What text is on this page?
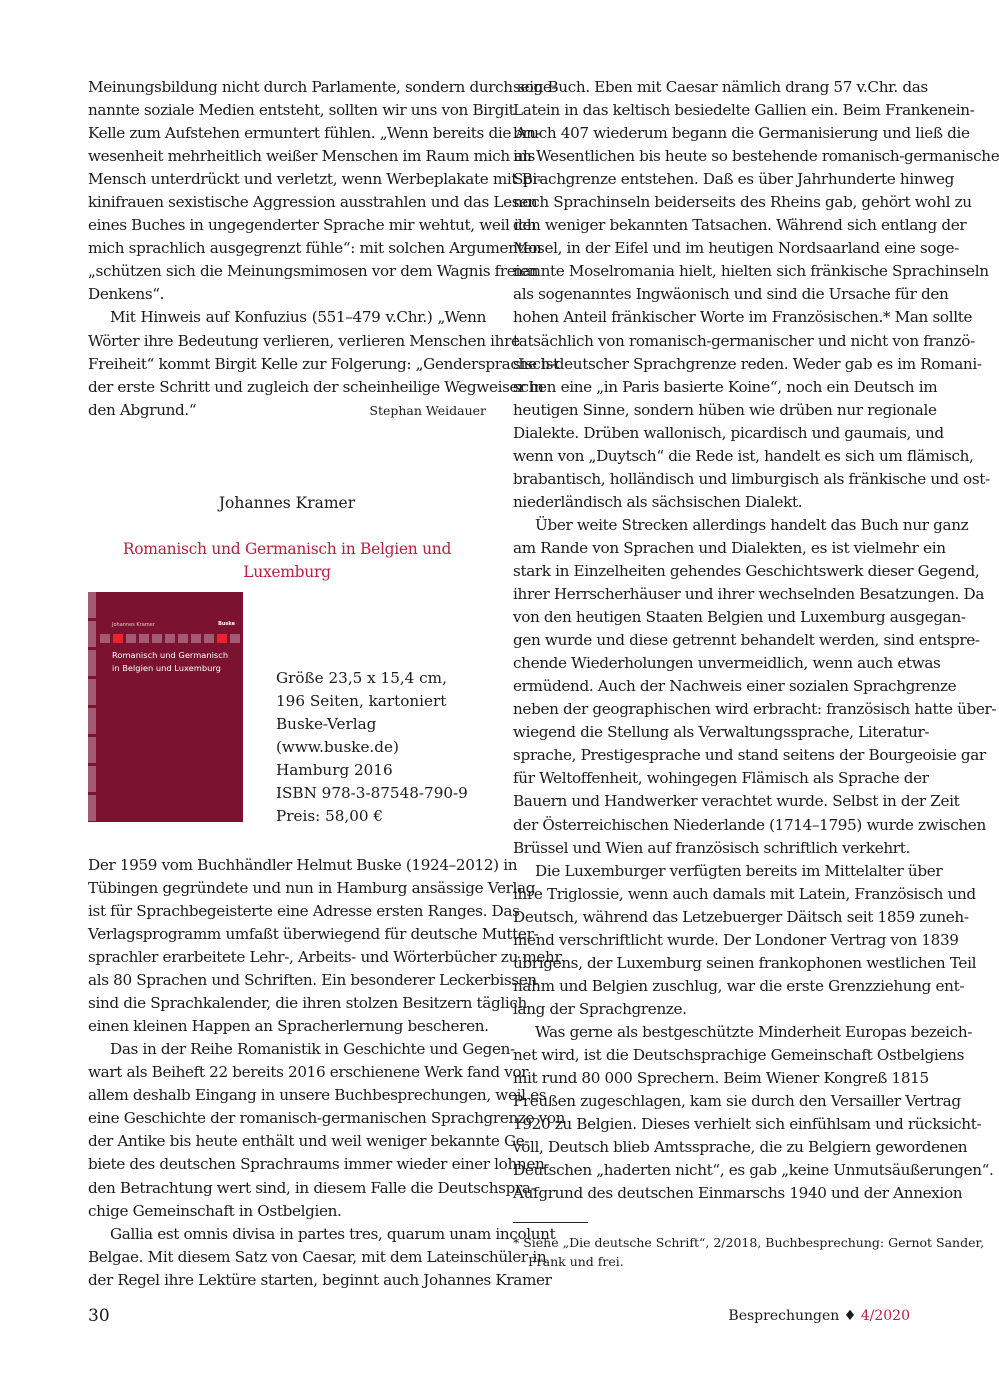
Meinungsbildung nicht durch Parlamente, sondern durch soge-
nannte soziale Medien entsteht, sollten wir uns von Birgit
Kelle zum Aufstehen ermuntert fühlen. „Wenn bereits die An-
wesenheit mehrheitlich weißer Menschen im Raum mich als
Mensch unterdrückt und verletzt, wenn Werbeplakate mit Bi-
kinifrauen sexistische Aggression ausstrahlen und das Lesen
eines Buches in ungegenderter Sprache mir wehtut, weil ich
mich sprachlich ausgegrenzt fühle“: mit solchen Argumenten
„schützen sich die Meinungsmimosen vor dem Wagnis freien
Denkens“.
Mit Hinweis auf Konfuzius (551–479 v.Chr.) „Wenn
Wörter ihre Bedeutung verlieren, verlieren Menschen ihre
Freiheit“ kommt Birgit Kelle zur Folgerung: „Gendersprache ist
der erste Schritt und zugleich der scheinheilige Wegweiser in
den Abgrund.“	Stephan Weidauer
Johannes Kramer
Romanisch und Germanisch in Belgien und Luxemburg
Johannes Kramer	Buske
Romanisch und Germanisch
in Belgien und Luxemburg
Größe 23,5 x 15,4 cm,
196 Seiten, kartoniert
Buske-Verlag
(www.buske.de)
Hamburg 2016
ISBN 978-3-87548-790-9
Preis: 58,00 €
Der 1959 vom Buchhändler Helmut Buske (1924–2012) in
Tübingen gegründete und nun in Hamburg ansässige Verlag
ist für Sprachbegeisterte eine Adresse ersten Ranges. Das
Verlagsprogramm umfaßt überwiegend für deutsche Mutter-
sprachler erarbeitete Lehr-, Arbeits- und Wörterbücher zu mehr
als 80 Sprachen und Schriften. Ein besonderer Leckerbissen
sind die Sprachkalender, die ihren stolzen Besitzern täglich
einen kleinen Happen an Spracherlernung bescheren.
Das in der Reihe Romanistik in Geschichte und Gegen-
wart als Beiheft 22 bereits 2016 erschienene Werk fand vor
allem deshalb Eingang in unsere Buchbesprechungen, weil es
eine Geschichte der romanisch-germanischen Sprachgrenze von
der Antike bis heute enthält und weil weniger bekannte Ge-
biete des deutschen Sprachraums immer wieder einer lohnen-
den Betrachtung wert sind, in diesem Falle die Deutschspra-
chige Gemeinschaft in Ostbelgien.
Gallia est omnis divisa in partes tres, quarum unam incolunt
Belgae. Mit diesem Satz von Caesar, mit dem Lateinschüler in
der Regel ihre Lektüre starten, beginnt auch Johannes Kramer
sein Buch. Eben mit Caesar nämlich drang 57 v.Chr. das
Latein in das keltisch besiedelte Gallien ein. Beim Frankenein-
bruch 407 wiederum begann die Germanisierung und ließ die
im Wesentlichen bis heute so bestehende romanisch-germanische
Sprachgrenze entstehen. Daß es über Jahrhunderte hinweg
noch Sprachinseln beiderseits des Rheins gab, gehört wohl zu
den weniger bekannten Tatsachen. Während sich entlang der
Mosel, in der Eifel und im heutigen Nordsaarland eine soge-
nannte Moselromania hielt, hielten sich fränkische Sprachinseln
als sogenanntes Ingwäonisch und sind die Ursache für den
hohen Anteil fränkischer Worte im Französischen.* Man sollte
tatsächlich von romanisch-germanischer und nicht von franzö-
sisch-deutscher Sprachgrenze reden. Weder gab es im Romani-
schen eine „in Paris basierte Koine“, noch ein Deutsch im
heutigen Sinne, sondern hüben wie drüben nur regionale
Dialekte. Drüben wallonisch, picardisch und gaumais, und
wenn von „Duytsch“ die Rede ist, handelt es sich um flämisch,
brabantisch, holländisch und limburgisch als fränkische und ost-
niederländisch als sächsischen Dialekt.
Über weite Strecken allerdings handelt das Buch nur ganz
am Rande von Sprachen und Dialekten, es ist vielmehr ein
stark in Einzelheiten gehendes Geschichtswerk dieser Gegend,
ihrer Herrscherhäuser und ihrer wechselnden Besatzungen. Da
von den heutigen Staaten Belgien und Luxemburg ausgegan-
gen wurde und diese getrennt behandelt werden, sind entspre-
chende Wiederholungen unvermeidlich, wenn auch etwas
ermüdend. Auch der Nachweis einer sozialen Sprachgrenze
neben der geographischen wird erbracht: französisch hatte über-
wiegend die Stellung als Verwaltungssprache, Literatur-
sprache, Prestigesprache und stand seitens der Bourgeoisie gar
für Weltoffenheit, wohingegen Flämisch als Sprache der
Bauern und Handwerker verachtet wurde. Selbst in der Zeit
der Österreichischen Niederlande (1714–1795) wurde zwischen
Brüssel und Wien auf französisch schriftlich verkehrt.
Die Luxemburger verfügten bereits im Mittelalter über
ihre Triglossie, wenn auch damals mit Latein, Französisch und
Deutsch, während das Letzebuerger Däitsch seit 1859 zuneh-
mend verschriftlicht wurde. Der Londoner Vertrag von 1839
übrigens, der Luxemburg seinen frankophonen westlichen Teil
nahm und Belgien zuschlug, war die erste Grenzziehung ent-
lang der Sprachgrenze.
Was gerne als bestgeschützte Minderheit Europas bezeich-
net wird, ist die Deutschsprachige Gemeinschaft Ostbelgiens
mit rund 80 000 Sprechern. Beim Wiener Kongreß 1815
Preußen zugeschlagen, kam sie durch den Versailler Vertrag
1920 zu Belgien. Dieses verhielt sich einfühlsam und rücksicht-
voll, Deutsch blieb Amtssprache, die zu Belgiern gewordenen
Deutschen „haderten nicht“, es gab „keine Unmutsäußerungen“.
Aufgrund des deutschen Einmarschs 1940 und der Annexion
* Siehe „Die deutsche Schrift“, 2/2018, Buchbesprechung: Gernot Sander,
Frank und frei.
30	Besprechungen ♦ 4/2020
